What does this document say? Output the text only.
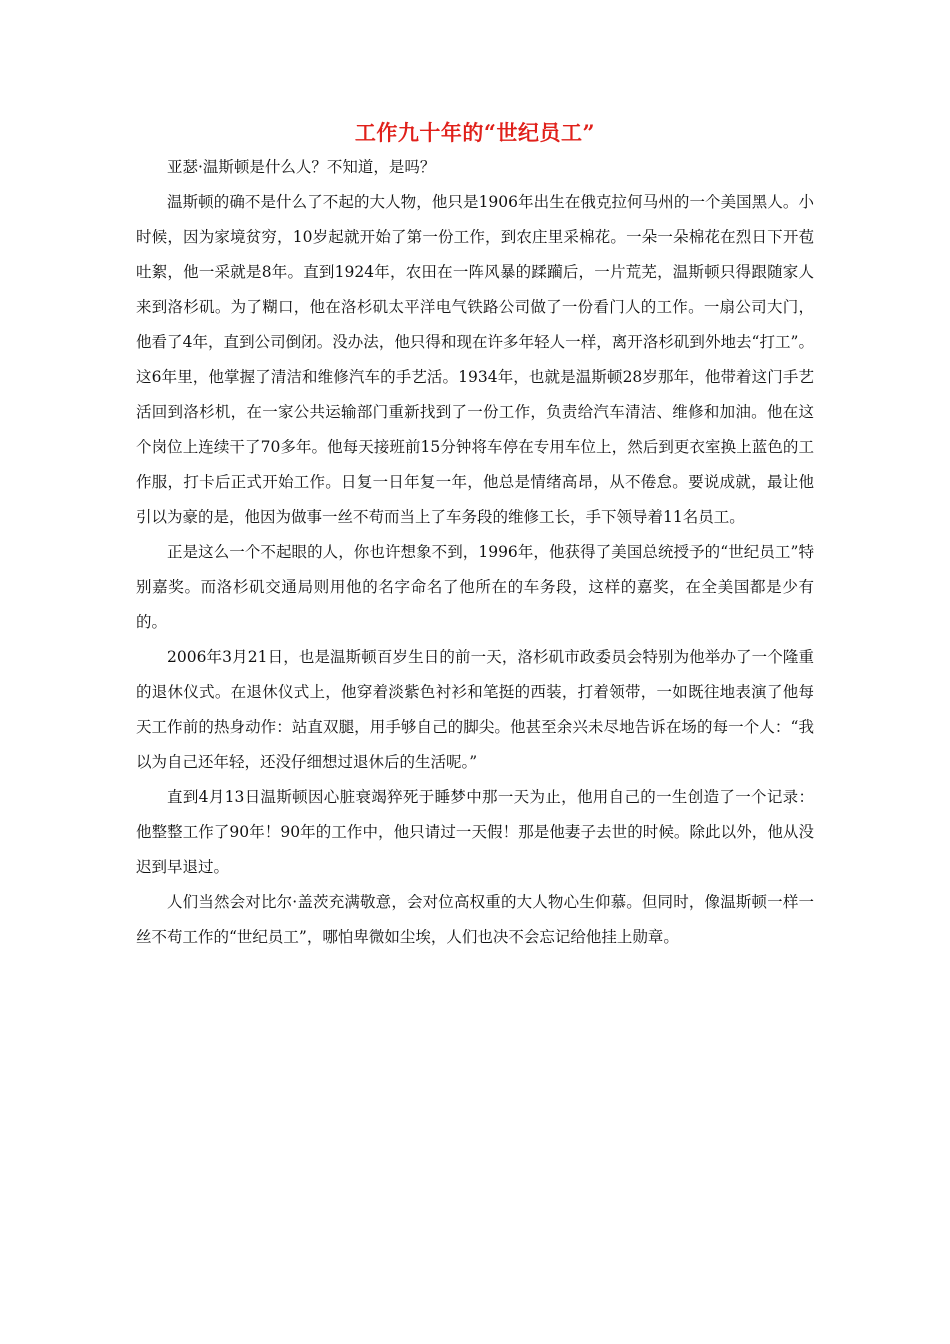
工作九十年的“世纪员工”

亚瑟·温斯顿是什么人？不知道，是吗？

温斯顿的确不是什么了不起的大人物，他只是1906年出生在俄克拉何马州的一个美国黑人。小时候，因为家境贫穷，10岁起就开始了第一份工作，到农庄里采棉花。一朵一朵棉花在烈日下开苞吐絮，他一采就是8年。直到1924年，农田在一阵风暴的蹂躏后，一片荒芜，温斯顿只得跟随家人来到洛杉矶。为了糊口，他在洛杉矶太平洋电气铁路公司做了一份看门人的工作。一扇公司大门，他看了4年，直到公司倒闭。没办法，他只得和现在许多年轻人一样，离开洛杉矶到外地去“打工”。这6年里，他掌握了清洁和维修汽车的手艺活。1934年，也就是温斯顿28岁那年，他带着这门手艺活回到洛杉机，在一家公共运输部门重新找到了一份工作，负责给汽车清洁、维修和加油。他在这个岗位上连续干了70多年。他每天接班前15分钟将车停在专用车位上，然后到更衣室换上蓝色的工作服，打卡后正式开始工作。日复一日年复一年，他总是情绪高昂，从不倦怠。要说成就，最让他引以为豪的是，他因为做事一丝不苟而当上了车务段的维修工长，手下领导着11名员工。

正是这么一个不起眼的人，你也许想象不到，1996年，他获得了美国总统授予的“世纪员工”特别嘉奖。而洛杉矶交通局则用他的名字命名了他所在的车务段，这样的嘉奖，在全美国都是少有的。

2006年3月21日，也是温斯顿百岁生日的前一天，洛杉矶市政委员会特别为他举办了一个隆重的退休仪式。在退休仪式上，他穿着淡紫色衬衫和笔挺的西装，打着领带，一如既往地表演了他每天工作前的热身动作：站直双腿，用手够自己的脚尖。他甚至余兴未尽地告诉在场的每一个人：“我以为自己还年轻，还没仔细想过退休后的生活呢。”

直到4月13日温斯顿因心脏衰竭猝死于睡梦中那一天为止，他用自己的一生创造了一个记录：他整整工作了90年！90年的工作中，他只请过一天假！那是他妻子去世的时候。除此以外，他从没迟到早退过。

人们当然会对比尔·盖茨充满敬意，会对位高权重的大人物心生仰慕。但同时，像温斯顿一样一丝不苟工作的“世纪员工”，哪怕卑微如尘埃，人们也决不会忘记给他挂上勋章。
